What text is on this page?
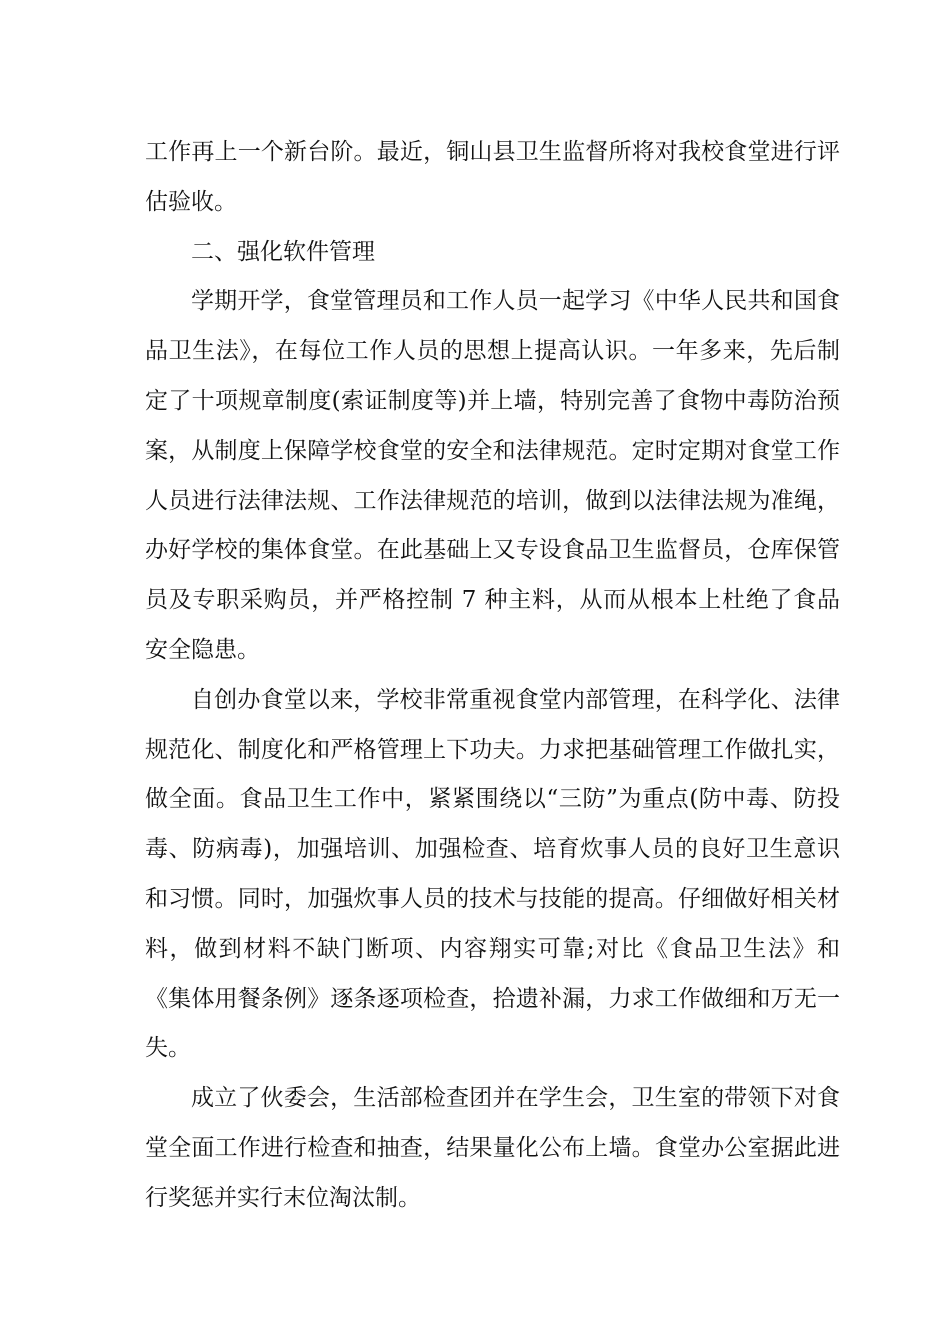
工作再上一个新台阶。最近，铜山县卫生监督所将对我校食堂进行评估验收。

二、强化软件管理

学期开学，食堂管理员和工作人员一起学习《中华人民共和国食品卫生法》，在每位工作人员的思想上提高认识。一年多来，先后制定了十项规章制度(索证制度等)并上墙，特别完善了食物中毒防治预案，从制度上保障学校食堂的安全和法律规范。定时定期对食堂工作人员进行法律法规、工作法律规范的培训，做到以法律法规为准绳，办好学校的集体食堂。在此基础上又专设食品卫生监督员，仓库保管员及专职采购员，并严格控制 7 种主料，从而从根本上杜绝了食品安全隐患。

自创办食堂以来，学校非常重视食堂内部管理，在科学化、法律规范化、制度化和严格管理上下功夫。力求把基础管理工作做扎实，做全面。食品卫生工作中，紧紧围绕以“三防”为重点(防中毒、防投毒、防病毒)，加强培训、加强检查、培育炊事人员的良好卫生意识和习惯。同时，加强炊事人员的技术与技能的提高。仔细做好相关材料，做到材料不缺门断项、内容翔实可靠;对比《食品卫生法》和《集体用餐条例》逐条逐项检查，拾遗补漏，力求工作做细和万无一失。

成立了伙委会，生活部检查团并在学生会，卫生室的带领下对食堂全面工作进行检查和抽查，结果量化公布上墙。食堂办公室据此进行奖惩并实行末位淘汰制。
